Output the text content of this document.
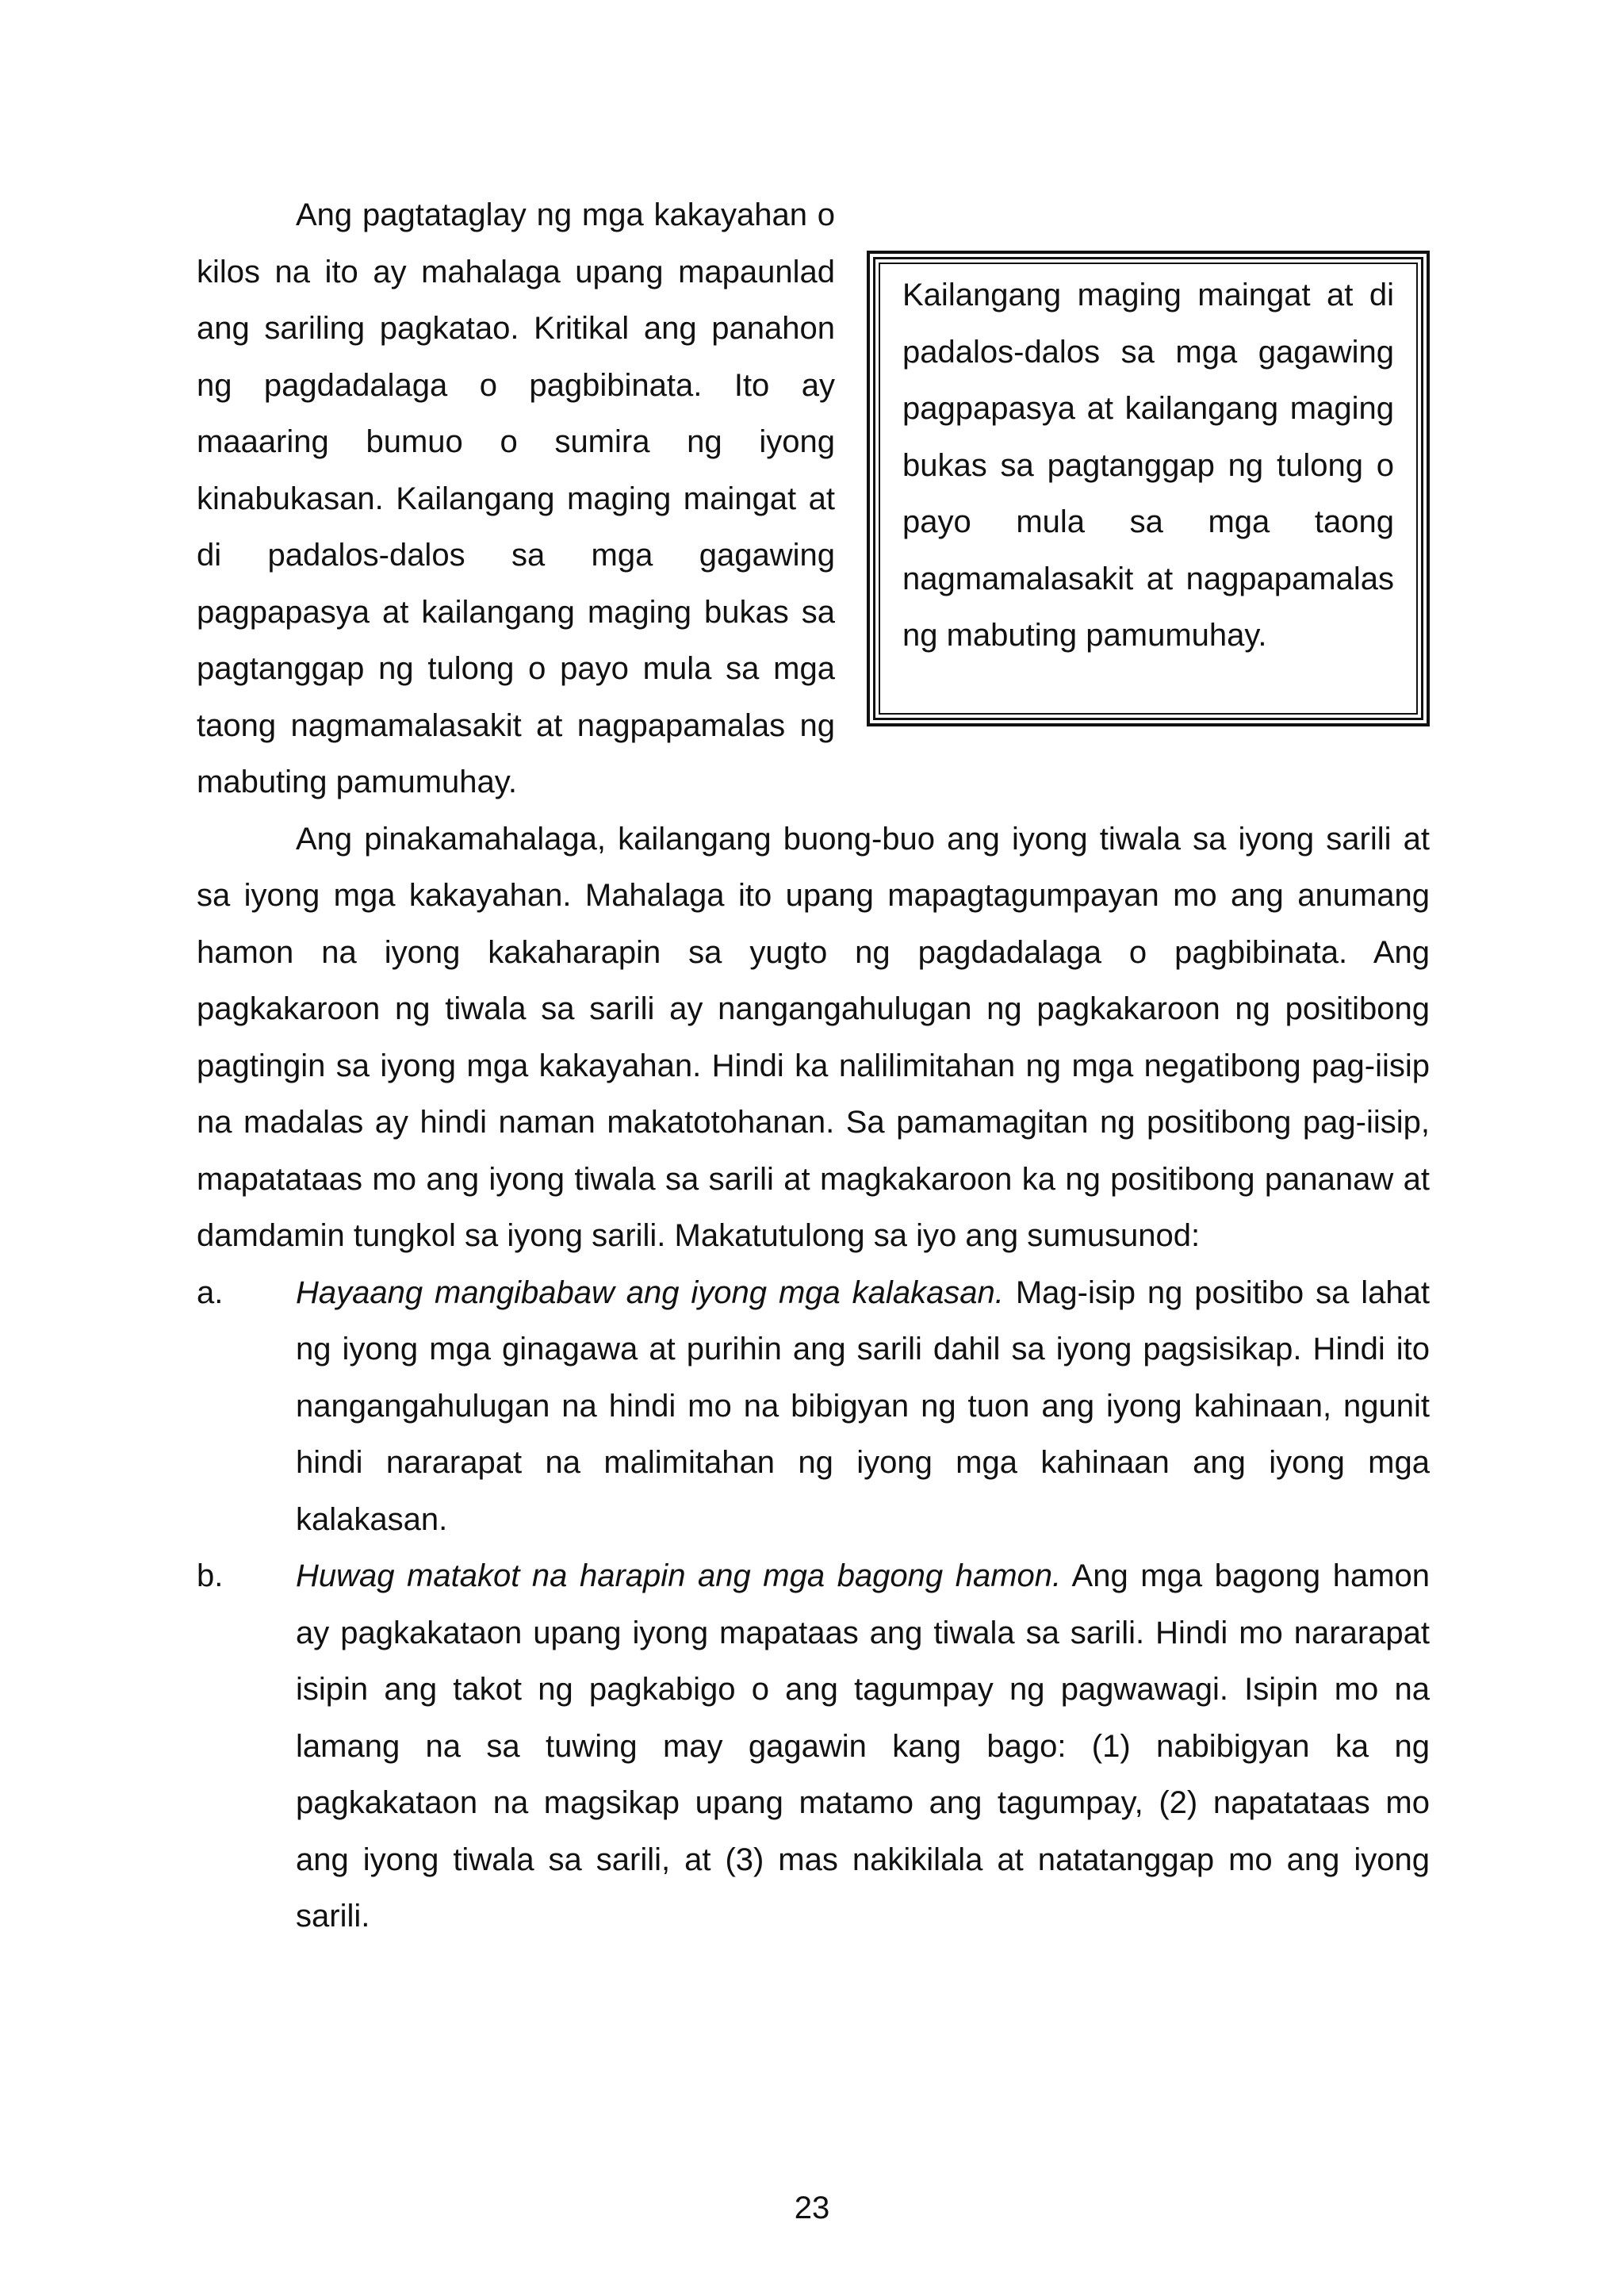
Kailangang maging maingat at di padalos-dalos sa mga gagawing pagpapasya at kailangang maging bukas sa pagtanggap ng tulong o payo mula sa mga taong nagmamalasakit at nagpapamalas ng mabuting pamumuhay.

Ang pagtataglay ng mga kakayahan o kilos na ito ay mahalaga upang mapaunlad ang sariling pagkatao. Kritikal ang panahon ng pagdadalaga o pagbibinata. Ito ay maaaring bumuo o sumira ng iyong kinabukasan. Kailangang maging maingat at di padalos-dalos sa mga gagawing pagpapasya at kailangang maging bukas sa pagtanggap ng tulong o payo mula sa mga taong nagmamalasakit at nagpapamalas ng mabuting pamumuhay.

Ang pinakamahalaga, kailangang buong-buo ang iyong tiwala sa iyong sarili at sa iyong mga kakayahan. Mahalaga ito upang mapagtagumpayan mo ang anumang hamon na iyong kakaharapin sa yugto ng pagdadalaga o pagbibinata. Ang pagkakaroon ng tiwala sa sarili ay nangangahulugan ng pagkakaroon ng positibong pagtingin sa iyong mga kakayahan. Hindi ka nalilimitahan ng mga negatibong pag-iisip na madalas ay hindi naman makatotohanan. Sa pamamagitan ng positibong pag-iisip, mapatataas mo ang iyong tiwala sa sarili at magkakaroon ka ng positibong pananaw at damdamin tungkol sa iyong sarili. Makatutulong sa iyo ang sumusunod:

a. Hayaang mangibabaw ang iyong mga kalakasan. Mag-isip ng positibo sa lahat ng iyong mga ginagawa at purihin ang sarili dahil sa iyong pagsisikap. Hindi ito nangangahulugan na hindi mo na bibigyan ng tuon ang iyong kahinaan, ngunit hindi nararapat na malimitahan ng iyong mga kahinaan ang iyong mga kalakasan.

b. Huwag matakot na harapin ang mga bagong hamon. Ang mga bagong hamon ay pagkakataon upang iyong mapataas ang tiwala sa sarili. Hindi mo nararapat isipin ang takot ng pagkabigo o ang tagumpay ng pagwawagi. Isipin mo na lamang na sa tuwing may gagawin kang bago: (1) nabibigyan ka ng pagkakataon na magsikap upang matamo ang tagumpay, (2) napatataas mo ang iyong tiwala sa sarili, at (3) mas nakikilala at natatanggap mo ang iyong sarili.

23
